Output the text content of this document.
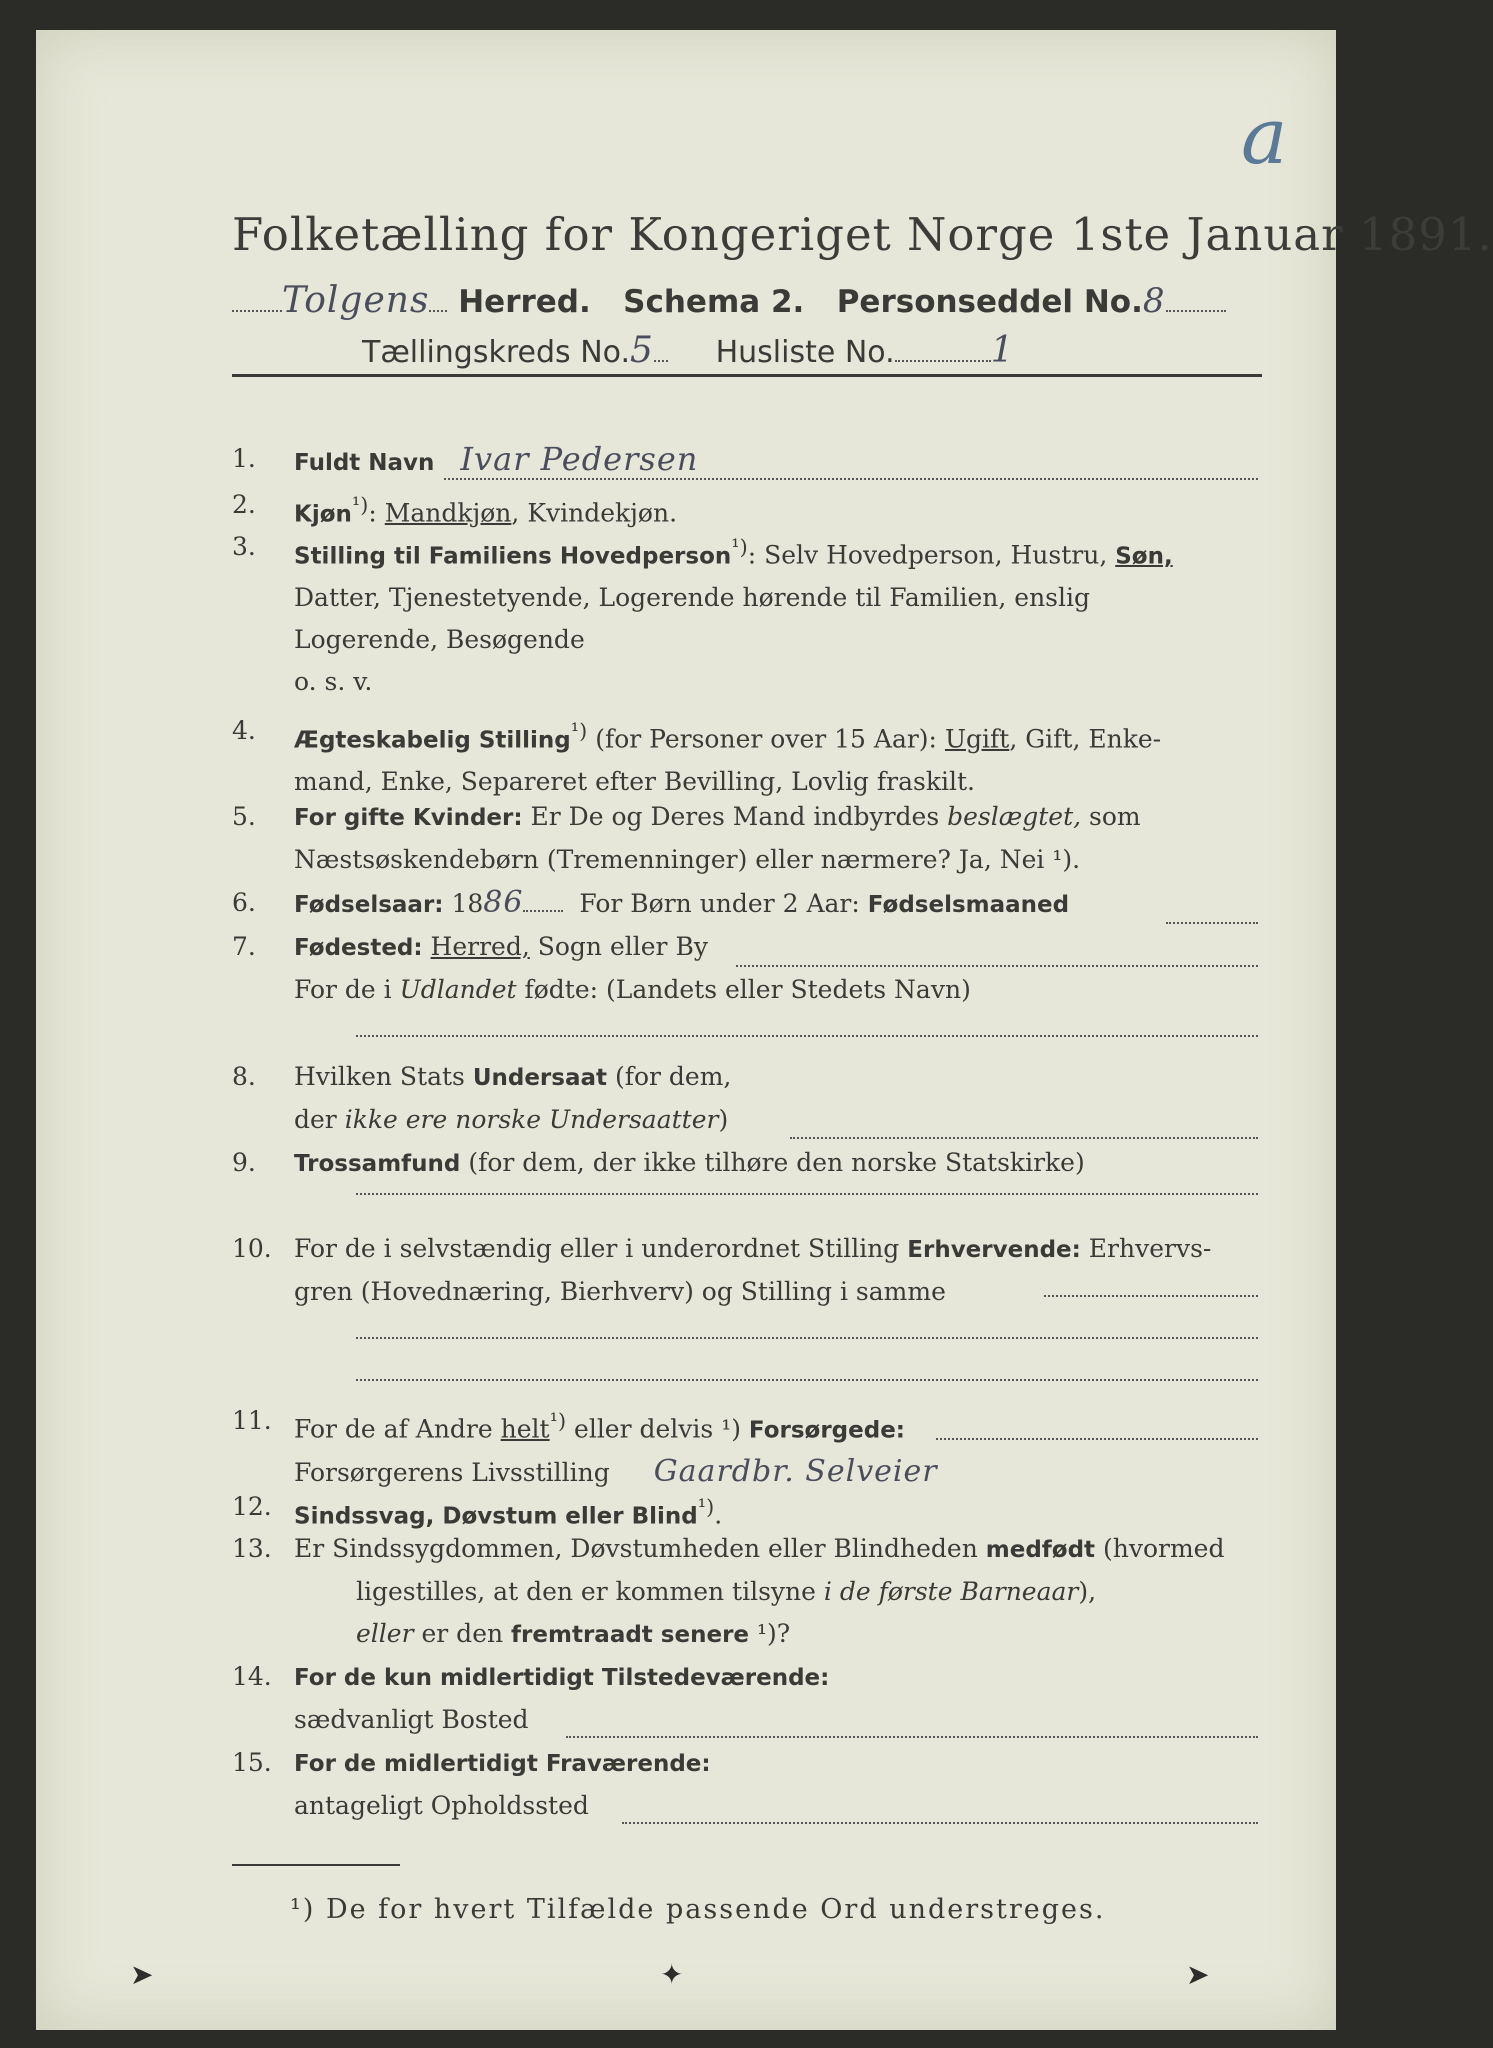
a
Folketælling for Kongeriget Norge 1ste Januar 1891.
Tolgens Herred. Schema 2. Personseddel No.8
Tællingskreds No.5 Husliste No.	1
1.	Fuldt Navn Ivar Pedersen
2.	Kjøn$^{^1)}$: Mandkjøn, Kvindekjøn.
3.	Stilling til Familiens Hovedperson$^{^1)}$: Selv Hovedperson, Hustru, Søn,
Datter, Tjenestetyende, Logerende hørende til Familien, enslig
Logerende, Besøgende
o. s. v.
4.	Ægteskabelig Stilling$^{^1)}$ (for Personer over 15 Aar): Ugift, Gift, Enke-
mand, Enke, Separeret efter Bevilling, Lovlig fraskilt.
5.	For gifte Kvinder: Er De og Deres Mand indbyrdes beslægtet, som
Næstsøskendebørn (Tremenninger) eller nærmere? Ja, Nei ¹).
6.	Fødselsaar: 1886 For Børn under 2 Aar: Fødselsmaaned
7.	Fødested: Herred, Sogn eller By
For de i Udlandet fødte: (Landets eller Stedets Navn)
8.	Hvilken Stats Undersaat (for dem,
der ikke ere norske Undersaatter)
9.	Trossamfund (for dem, der ikke tilhøre den norske Statskirke)
10. For de i selvstændig eller i underordnet Stilling Erhvervende: Erhvervs-
gren (Hovednæring, Bierhverv) og Stilling i samme
11. For de af Andre helt$^{^1)}$ eller delvis ¹) Forsørgede:
Forsørgerens Livsstilling Gaardbr. Selveier
12. Sindssvag, Døvstum eller Blind$^{^1)}$.
13. Er Sindssygdommen, Døvstumheden eller Blindheden medfødt (hvormed
ligestilles, at den er kommen tilsyne i de første Barneaar),
eller er den fremtraadt senere ¹)?
14. For de kun midlertidigt Tilstedeværende:
sædvanligt Bosted
15. For de midlertidigt Fraværende:
antageligt Opholdssted
¹) De for hvert Tilfælde passende Ord understreges.
➤	✦	➤
